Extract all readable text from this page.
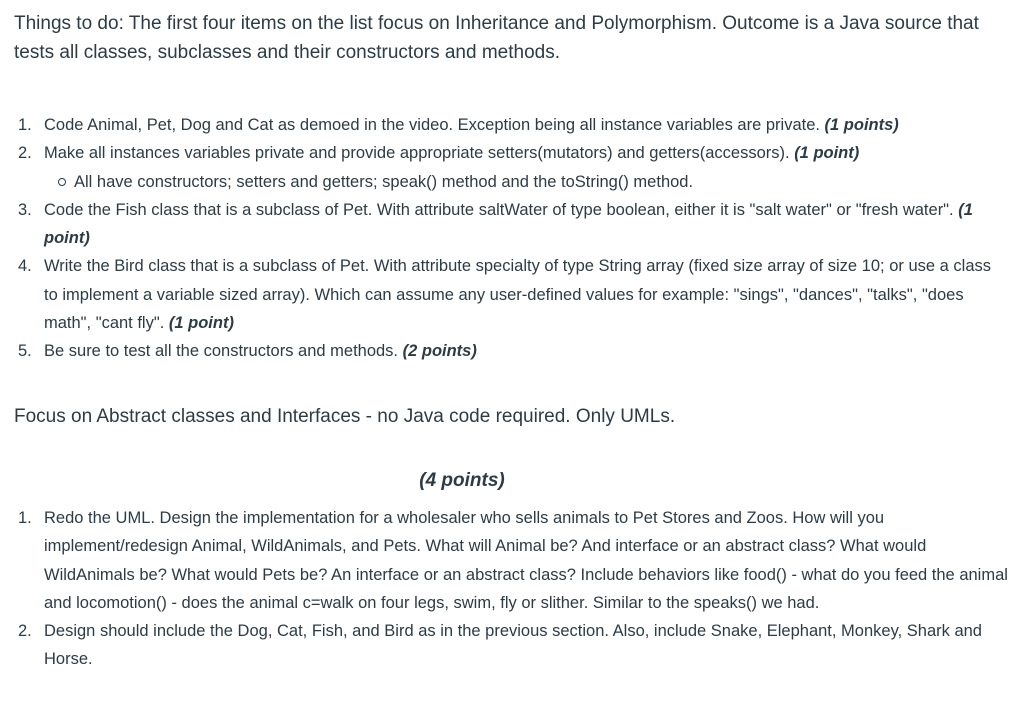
Things to do: The first four items on the list focus on Inheritance and Polymorphism. Outcome is a Java source that tests all classes, subclasses and their constructors and methods.

1. Code Animal, Pet, Dog and Cat as demoed in the video. Exception being all instance variables are private. (1 points)
2. Make all instances variables private and provide appropriate setters(mutators) and getters(accessors). (1 point)
All have constructors; setters and getters; speak() method and the toString() method.
3. Code the Fish class that is a subclass of Pet. With attribute saltWater of type boolean, either it is "salt water" or "fresh water". (1 point)
4. Write the Bird class that is a subclass of Pet. With attribute specialty of type String array (fixed size array of size 10; or use a class to implement a variable sized array). Which can assume any user-defined values for example: "sings", "dances", "talks", "does math", "cant fly". (1 point)
5. Be sure to test all the constructors and methods. (2 points)

Focus on Abstract classes and Interfaces - no Java code required. Only UMLs.

(4 points)
1. Redo the UML. Design the implementation for a wholesaler who sells animals to Pet Stores and Zoos. How will you implement/redesign Animal, WildAnimals, and Pets. What will Animal be? And interface or an abstract class? What would WildAnimals be? What would Pets be? An interface or an abstract class? Include behaviors like food() - what do you feed the animal and locomotion() - does the animal c=walk on four legs, swim, fly or slither. Similar to the speaks() we had.
2. Design should include the Dog, Cat, Fish, and Bird as in the previous section. Also, include Snake, Elephant, Monkey, Shark and Horse.
